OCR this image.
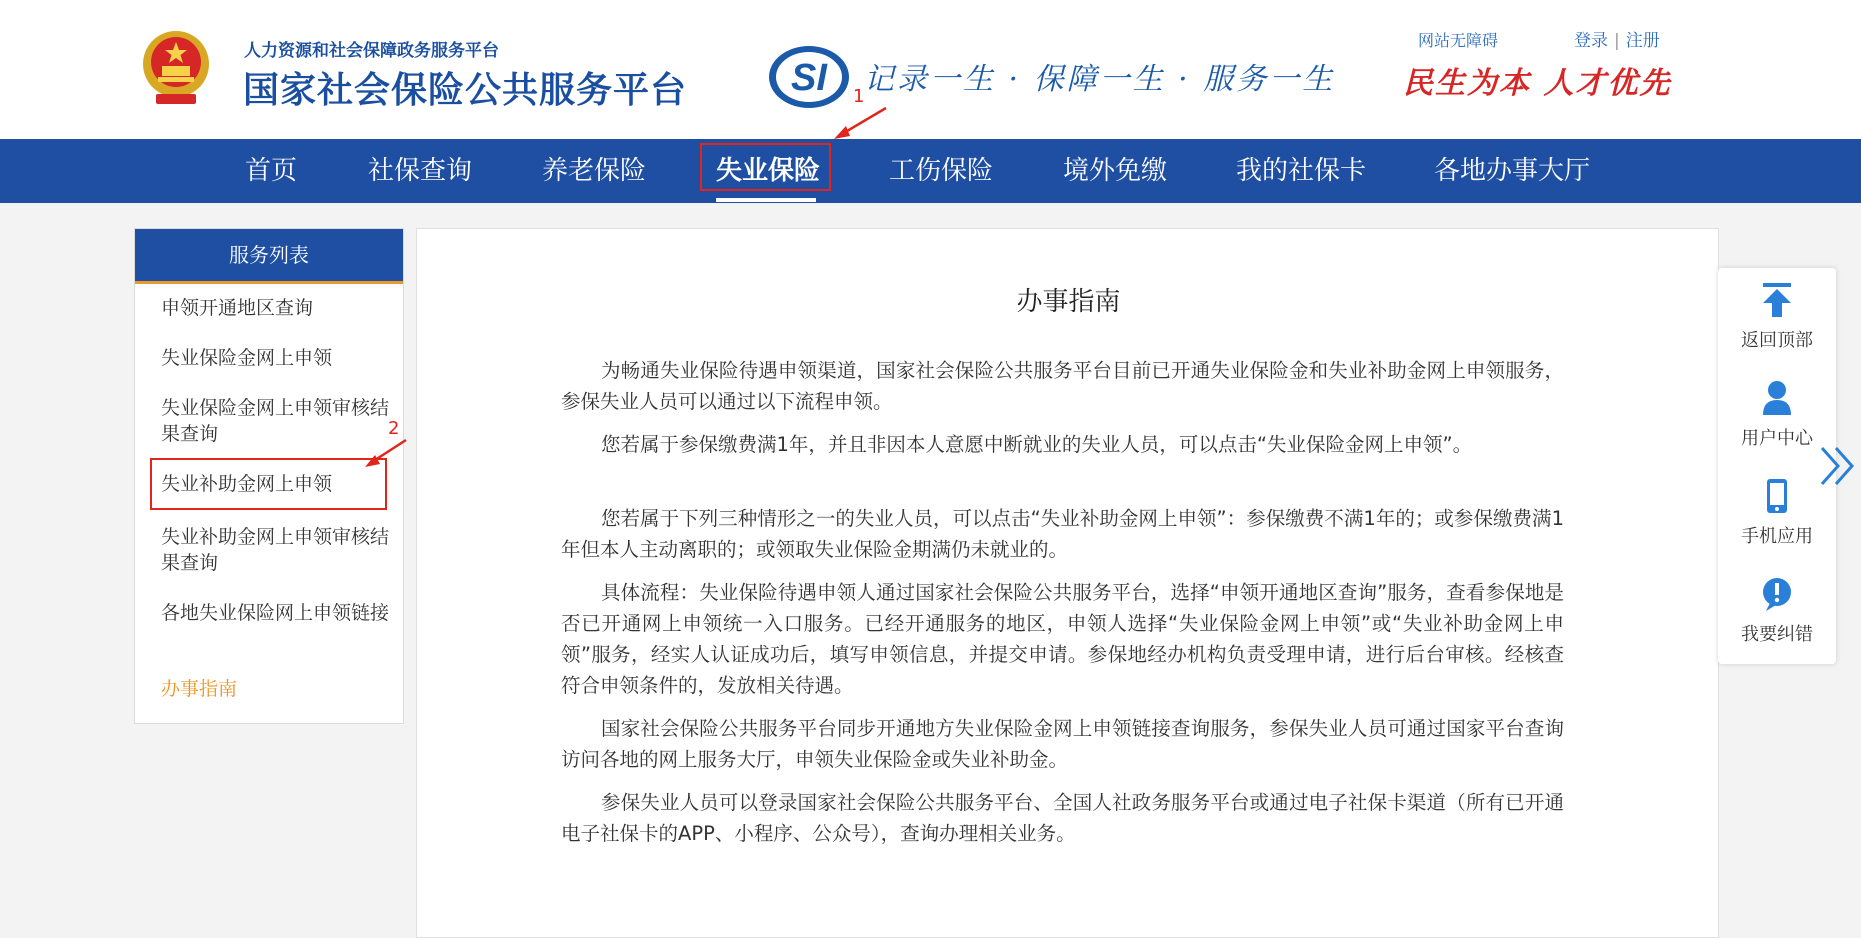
人力资源和社会保障政务服务平台
国家社会保险公共服务平台	SI 记录一生 · 保障一生 · 服务一生
网站无障碍	登录 | 注册
民生为本 人才优先
1
首页	社保查询	养老保险	失业保险	工伤保险	境外免缴	我的社保卡	各地办事大厅
服务列表
申领开通地区查询
失业保险金网上申领
失业保险金网上申领审核结果查询
失业补助金网上申领
失业补助金网上申领审核结果查询
各地失业保险网上申领链接
办事指南
2
办事指南
为畅通失业保险待遇申领渠道，国家社会保险公共服务平台目前已开通失业保险金和失业补助金网上申领服务，参保失业人员可以通过以下流程申领。
您若属于参保缴费满1年，并且非因本人意愿中断就业的失业人员，可以点击“失业保险金网上申领”。
您若属于下列三种情形之一的失业人员，可以点击“失业补助金网上申领”：参保缴费不满1年的；或参保缴费满1年但本人主动离职的；或领取失业保险金期满仍未就业的。
具体流程：失业保险待遇申领人通过国家社会保险公共服务平台，选择“申领开通地区查询”服务，查看参保地是否已开通网上申领统一入口服务。已经开通服务的地区，申领人选择“失业保险金网上申领”或“失业补助金网上申领”服务，经实人认证成功后，填写申领信息，并提交申请。参保地经办机构负责受理申请，进行后台审核。经核查符合申领条件的，发放相关待遇。
国家社会保险公共服务平台同步开通地方失业保险金网上申领链接查询服务，参保失业人员可通过国家平台查询访问各地的网上服务大厅，申领失业保险金或失业补助金。
参保失业人员可以登录国家社会保险公共服务平台、全国人社政务服务平台或通过电子社保卡渠道（所有已开通电子社保卡的APP、小程序、公众号），查询办理相关业务。
返回顶部
用户中心
手机应用
我要纠错
